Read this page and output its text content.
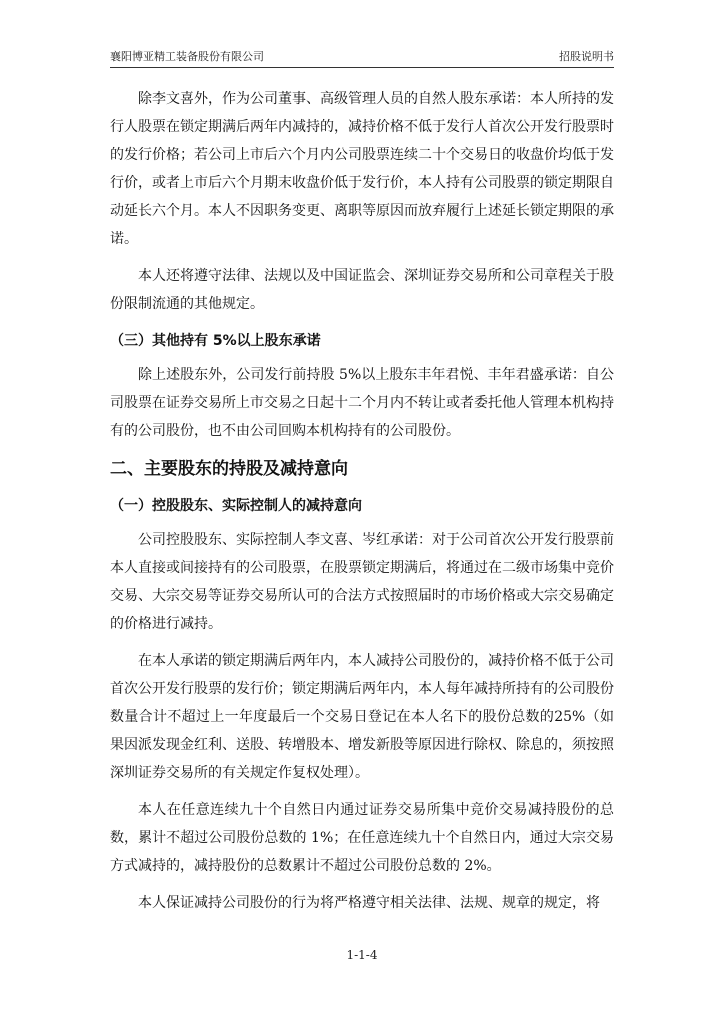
襄阳博亚精工装备股份有限公司	招股说明书

除李文喜外，作为公司董事、高级管理人员的自然人股东承诺：本人所持的发行人股票在锁定期满后两年内减持的，减持价格不低于发行人首次公开发行股票时的发行价格；若公司上市后六个月内公司股票连续二十个交易日的收盘价均低于发行价，或者上市后六个月期末收盘价低于发行价，本人持有公司股票的锁定期限自动延长六个月。本人不因职务变更、离职等原因而放弃履行上述延长锁定期限的承诺。

本人还将遵守法律、法规以及中国证监会、深圳证券交易所和公司章程关于股份限制流通的其他规定。

（三）其他持有 5%以上股东承诺

除上述股东外，公司发行前持股 5%以上股东丰年君悦、丰年君盛承诺：自公司股票在证券交易所上市交易之日起十二个月内不转让或者委托他人管理本机构持有的公司股份，也不由公司回购本机构持有的公司股份。

二、主要股东的持股及减持意向
（一）控股股东、实际控制人的减持意向

公司控股股东、实际控制人李文喜、岑红承诺：对于公司首次公开发行股票前本人直接或间接持有的公司股票，在股票锁定期满后，将通过在二级市场集中竞价交易、大宗交易等证券交易所认可的合法方式按照届时的市场价格或大宗交易确定的价格进行减持。

在本人承诺的锁定期满后两年内，本人减持公司股份的，减持价格不低于公司首次公开发行股票的发行价；锁定期满后两年内，本人每年减持所持有的公司股份数量合计不超过上一年度最后一个交易日登记在本人名下的股份总数的25%（如果因派发现金红利、送股、转增股本、增发新股等原因进行除权、除息的，须按照深圳证券交易所的有关规定作复权处理）。

本人在任意连续九十个自然日内通过证券交易所集中竞价交易减持股份的总数，累计不超过公司股份总数的 1%；在任意连续九十个自然日内，通过大宗交易方式减持的，减持股份的总数累计不超过公司股份总数的 2%。

本人保证减持公司股份的行为将严格遵守相关法律、法规、规章的规定，将

1-1-4
